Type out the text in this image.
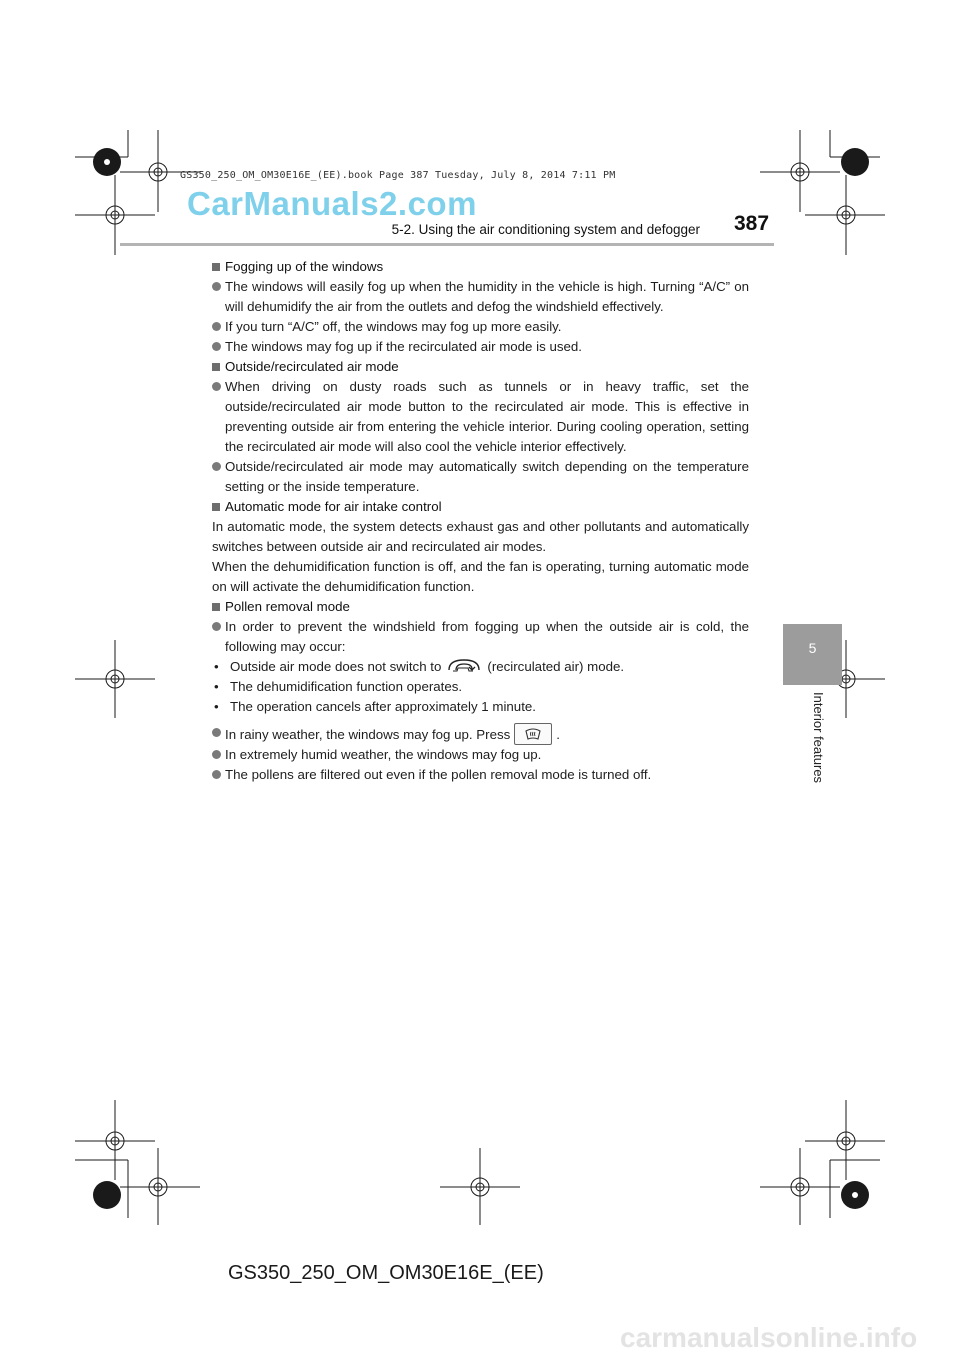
GS350_250_OM_OM30E16E_(EE).book Page 387 Tuesday, July 8, 2014 7:11 PM
CarManuals2.com
5-2. Using the air conditioning system and defogger 387
5
Interior features

Fogging up of the windows

The windows will easily fog up when the humidity in the vehicle is high. Turning “A/C” on will dehumidify the air from the outlets and defog the windshield effectively.

If you turn “A/C” off, the windows may fog up more easily.

The windows may fog up if the recirculated air mode is used.

Outside/recirculated air mode

When driving on dusty roads such as tunnels or in heavy traffic, set the outside/recirculated air mode button to the recirculated air mode. This is effective in preventing outside air from entering the vehicle interior. During cooling operation, setting the recirculated air mode will also cool the vehicle interior effectively.

Outside/recirculated air mode may automatically switch depending on the temperature setting or the inside temperature.

Automatic mode for air intake control

In automatic mode, the system detects exhaust gas and other pollutants and automatically switches between outside air and recirculated air modes.

When the dehumidification function is off, and the fan is operating, turning automatic mode on will activate the dehumidification function.

Pollen removal mode

In order to prevent the windshield from fogging up when the outside air is cold, the following may occur:

• Outside air mode does not switch to	(recirculated air) mode.

• The dehumidification function operates.

• The operation cancels after approximately 1 minute.

In rainy weather, the windows may fog up. Press	.

In extremely humid weather, the windows may fog up.

The pollens are filtered out even if the pollen removal mode is turned off.

GS350_250_OM_OM30E16E_(EE)
carmanualsonline.info
